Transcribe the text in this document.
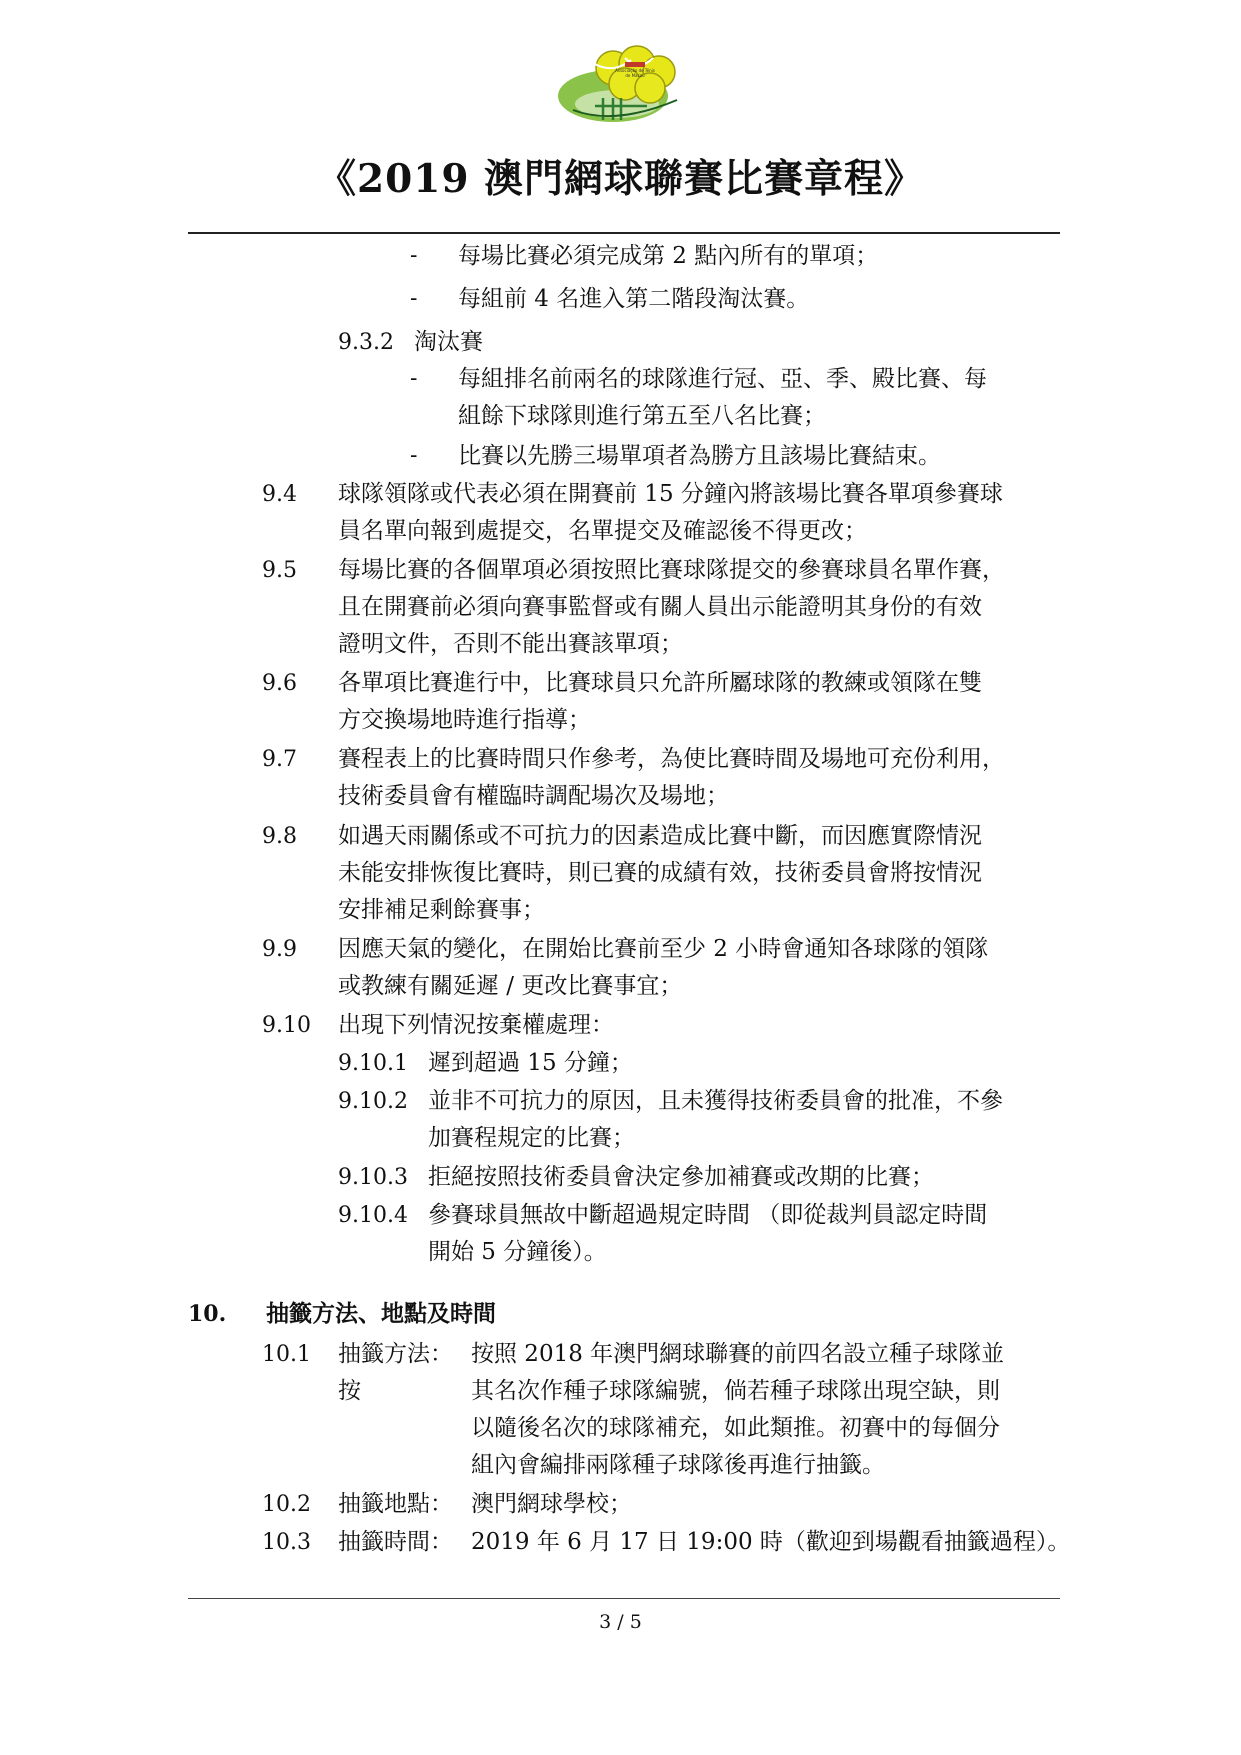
Associação de Ténis
de Macau
《2019 澳門網球聯賽比賽章程》
- 每場比賽必須完成第 2 點內所有的單項；
- 每組前 4 名進入第二階段淘汰賽。
9.3.2 淘汰賽
- 每組排名前兩名的球隊進行冠、亞、季、殿比賽、每
組餘下球隊則進行第五至八名比賽；
- 比賽以先勝三場單項者為勝方且該場比賽結束。
9.4 球隊領隊或代表必須在開賽前 15 分鐘內將該場比賽各單項參賽球
員名單向報到處提交，名單提交及確認後不得更改；
9.5 每場比賽的各個單項必須按照比賽球隊提交的參賽球員名單作賽，
且在開賽前必須向賽事監督或有關人員出示能證明其身份的有效
證明文件，否則不能出賽該單項；
9.6 各單項比賽進行中，比賽球員只允許所屬球隊的教練或領隊在雙
方交換場地時進行指導；
9.7 賽程表上的比賽時間只作參考，為使比賽時間及場地可充份利用，
技術委員會有權臨時調配場次及場地；
9.8 如遇天雨關係或不可抗力的因素造成比賽中斷，而因應實際情況
未能安排恢復比賽時，則已賽的成績有效，技術委員會將按情況
安排補足剩餘賽事；
9.9 因應天氣的變化，在開始比賽前至少 2 小時會通知各球隊的領隊
或教練有關延遲 / 更改比賽事宜；
9.10 出現下列情況按棄權處理：
9.10.1 遲到超過 15 分鐘；
9.10.2 並非不可抗力的原因，且未獲得技術委員會的批准，不參
加賽程規定的比賽；
9.10.3 拒絕按照技術委員會決定參加補賽或改期的比賽；
9.10.4 參賽球員無故中斷超過規定時間 （即從裁判員認定時間
開始 5 分鐘後）。
10. 抽籤方法、地點及時間
10.1 抽籤方法：
按
按照 2018 年澳門網球聯賽的前四名設立種子球隊並
其名次作種子球隊編號，倘若種子球隊出現空缺，則
以隨後名次的球隊補充，如此類推。初賽中的每個分
組內會編排兩隊種子球隊後再進行抽籤。
10.2 抽籤地點： 澳門網球學校；
10.3 抽籤時間： 2019 年 6 月 17 日 19:00 時（歡迎到場觀看抽籤過程）。
3 / 5
